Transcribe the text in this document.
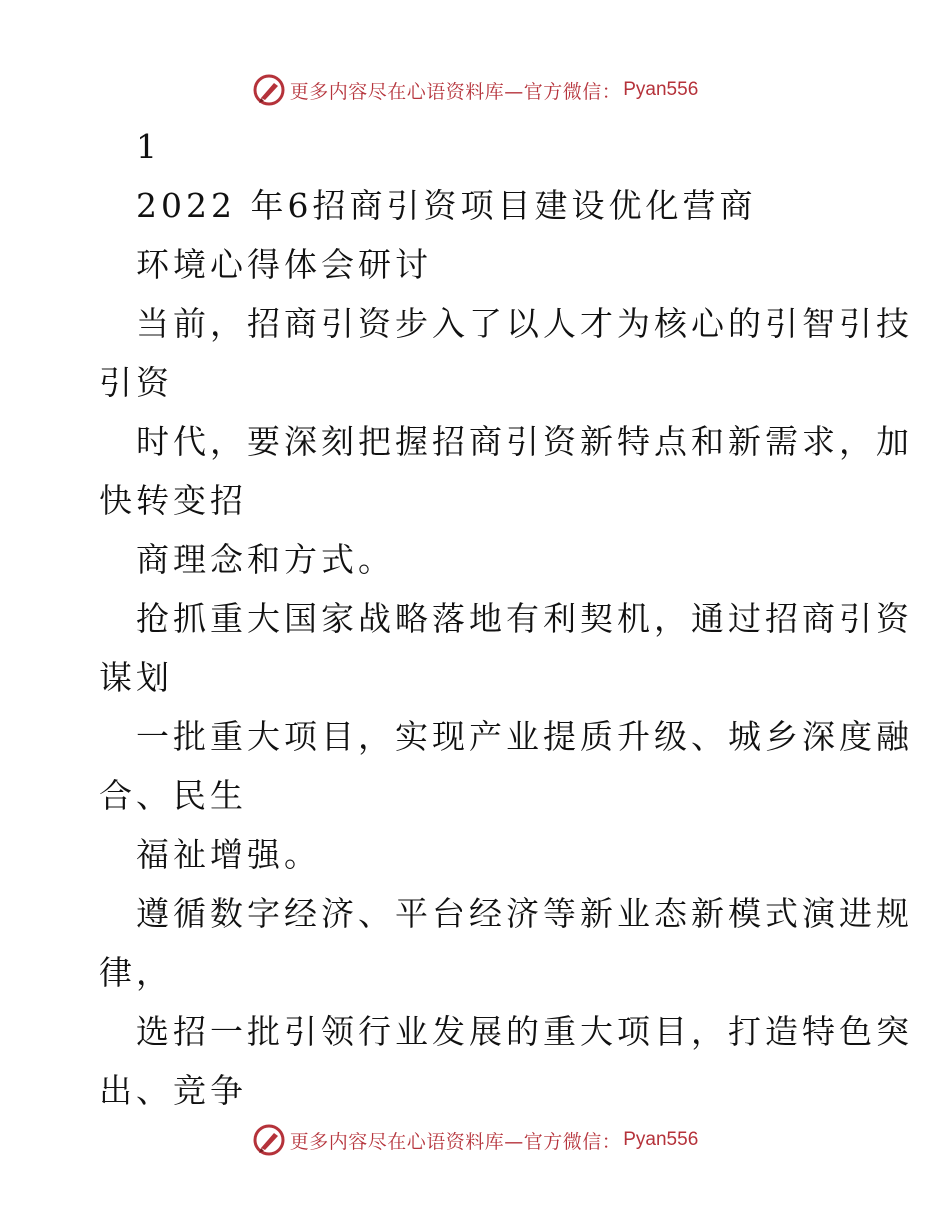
更多内容尽在心语资料库—官方微信： Pyan556
1
2022 年6招商引资项目建设优化营商
环境心得体会研讨
当前，招商引资步入了以人才为核心的引智引技
引资
时代，要深刻把握招商引资新特点和新需求，加
快转变招
商理念和方式。
抢抓重大国家战略落地有利契机，通过招商引资
谋划
一批重大项目，实现产业提质升级、城乡深度融
合、民生
福祉增强。
遵循数字经济、平台经济等新业态新模式演进规
律，
选招一批引领行业发展的重大项目，打造特色突
出、竞争
更多内容尽在心语资料库—官方微信： Pyan556
